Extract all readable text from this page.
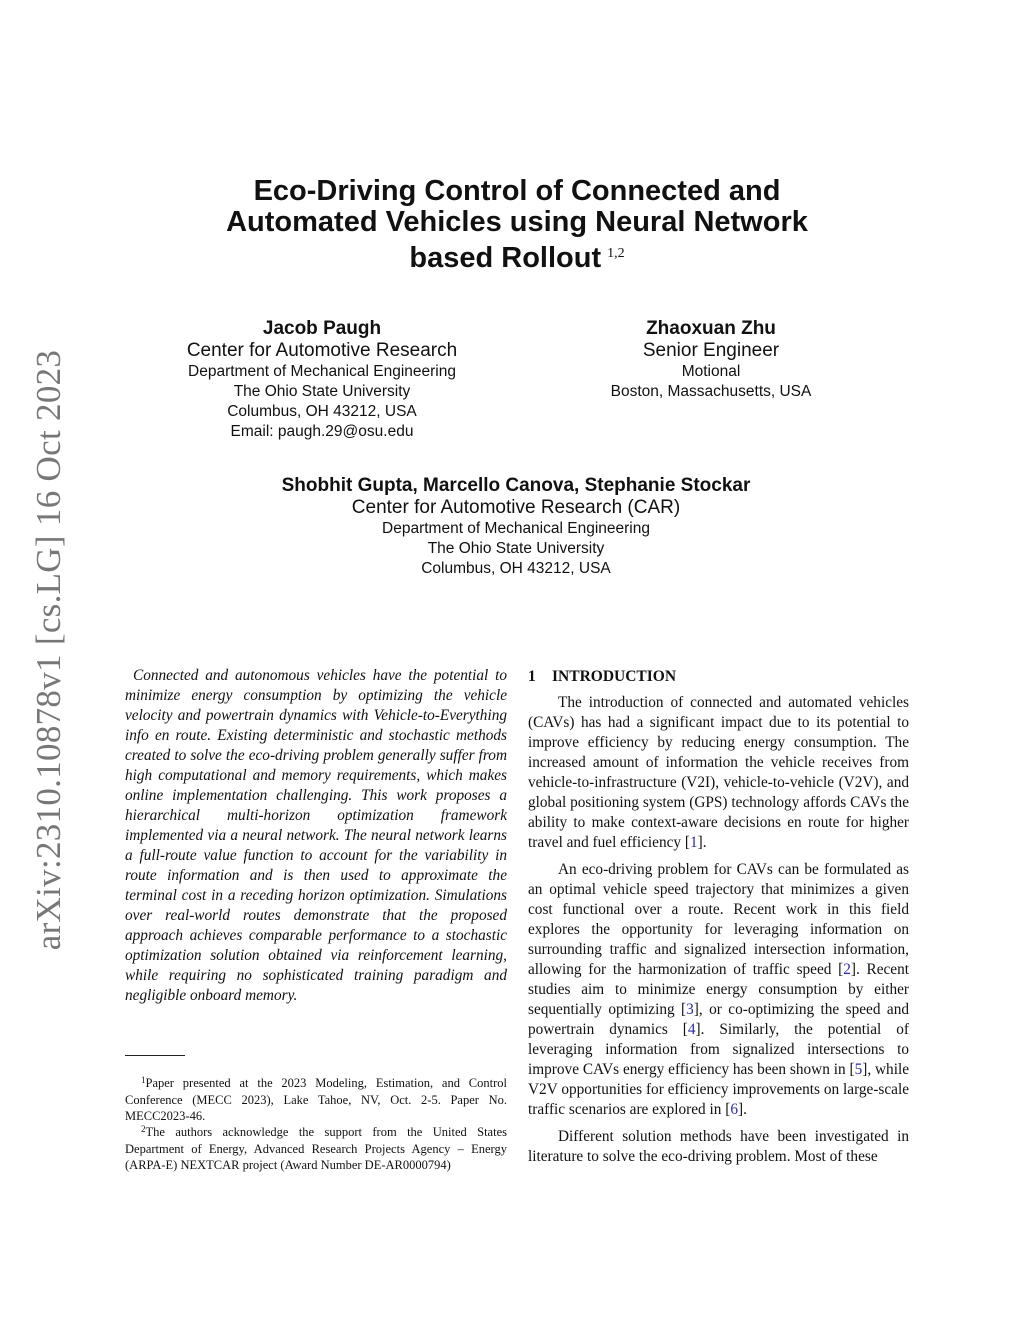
arXiv:2310.10878v1 [cs.LG] 16 Oct 2023
Eco-Driving Control of Connected and
Automated Vehicles using Neural Network
based Rollout $^{1,2}$
Jacob Paugh
Center for Automotive Research
Department of Mechanical Engineering
The Ohio State University
Columbus, OH 43212, USA
Email: paugh.29@osu.edu
Zhaoxuan Zhu
Senior Engineer
Motional
Boston, Massachusetts, USA
Shobhit Gupta, Marcello Canova, Stephanie Stockar
Center for Automotive Research (CAR)
Department of Mechanical Engineering
The Ohio State University
Columbus, OH 43212, USA

Connected and autonomous vehicles have the potential to minimize energy consumption by optimizing the vehicle velocity and powertrain dynamics with Vehicle-to-Everything info en route. Existing deterministic and stochastic methods created to solve the eco-driving problem generally suffer from high computational and memory requirements, which makes online implementation challenging. This work proposes a hierarchical multi-horizon optimization framework implemented via a neural network. The neural network learns a full-route value function to account for the variability in route information and is then used to approximate the terminal cost in a receding horizon optimization. Simulations over real-world routes demonstrate that the proposed approach achieves comparable performance to a stochastic optimization solution obtained via reinforcement learning, while requiring no sophisticated training paradigm and negligible onboard memory.

$^1$Paper presented at the 2023 Modeling, Estimation, and Control Conference (MECC 2023), Lake Tahoe, NV, Oct. 2-5. Paper No. MECC2023-46.

$^2$The authors acknowledge the support from the United States Department of Energy, Advanced Research Projects Agency – Energy (ARPA-E) NEXTCAR project (Award Number DE-AR0000794)

1 INTRODUCTION

The introduction of connected and automated vehicles (CAVs) has had a significant impact due to its potential to improve efficiency by reducing energy consumption. The increased amount of information the vehicle receives from vehicle-to-infrastructure (V2I), vehicle-to-vehicle (V2V), and global positioning system (GPS) technology affords CAVs the ability to make context-aware decisions en route for higher travel and fuel efficiency [1].

An eco-driving problem for CAVs can be formulated as an optimal vehicle speed trajectory that minimizes a given cost functional over a route. Recent work in this field explores the opportunity for leveraging information on surrounding traffic and signalized intersection information, allowing for the harmonization of traffic speed [2]. Recent studies aim to minimize energy consumption by either sequentially optimizing [3], or co-optimizing the speed and powertrain dynamics [4]. Similarly, the potential of leveraging information from signalized intersections to improve CAVs energy efficiency has been shown in [5], while V2V opportunities for efficiency improvements on large-scale traffic scenarios are explored in [6].

Different solution methods have been investigated in literature to solve the eco-driving problem. Most of these
